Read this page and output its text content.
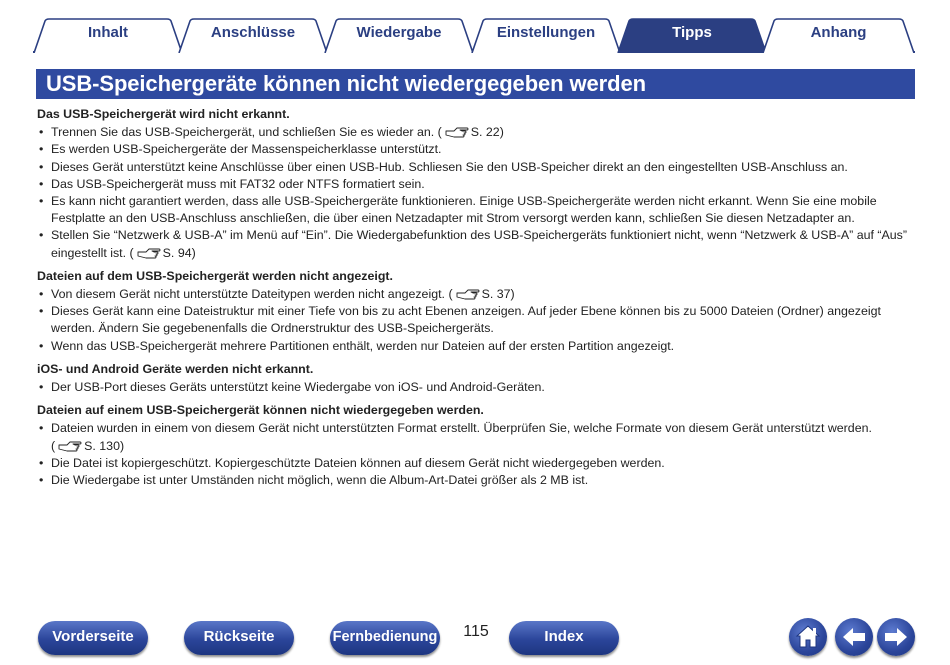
Inhalt	Anschlüsse	Wiedergabe	Einstellungen	Tipps	Anhang
USB-Speichergeräte können nicht wiedergegeben werden
Das USB-Speichergerät wird nicht erkannt.
• Trennen Sie das USB-Speichergerät, und schließen Sie es wieder an. ( S. 22)
• Es werden USB-Speichergeräte der Massenspeicherklasse unterstützt.
• Dieses Gerät unterstützt keine Anschlüsse über einen USB-Hub. Schliesen Sie den USB-Speicher direkt an den eingestellten USB-Anschluss an.
• Das USB-Speichergerät muss mit FAT32 oder NTFS formatiert sein.
• Es kann nicht garantiert werden, dass alle USB-Speichergeräte funktionieren. Einige USB-Speichergeräte werden nicht erkannt. Wenn Sie eine mobile Festplatte an den USB-Anschluss anschließen, die über einen Netzadapter mit Strom versorgt werden kann, schließen Sie diesen Netzadapter an.
• Stellen Sie “Netzwerk & USB-A” im Menü auf “Ein”. Die Wiedergabefunktion des USB-Speichergeräts funktioniert nicht, wenn “Netzwerk & USB-A” auf “Aus” eingestellt ist. ( S. 94)
Dateien auf dem USB-Speichergerät werden nicht angezeigt.
• Von diesem Gerät nicht unterstützte Dateitypen werden nicht angezeigt. ( S. 37)
• Dieses Gerät kann eine Dateistruktur mit einer Tiefe von bis zu acht Ebenen anzeigen. Auf jeder Ebene können bis zu 5000 Dateien (Ordner) angezeigt werden. Ändern Sie gegebenenfalls die Ordnerstruktur des USB-Speichergeräts.
• Wenn das USB-Speichergerät mehrere Partitionen enthält, werden nur Dateien auf der ersten Partition angezeigt.
iOS- und Android Geräte werden nicht erkannt.
• Der USB-Port dieses Geräts unterstützt keine Wiedergabe von iOS- und Android-Geräten.
Dateien auf einem USB-Speichergerät können nicht wiedergegeben werden.
• Dateien wurden in einem von diesem Gerät nicht unterstützten Format erstellt. Überprüfen Sie, welche Formate von diesem Gerät unterstützt werden. ( S. 130)
• Die Datei ist kopiergeschützt. Kopiergeschützte Dateien können auf diesem Gerät nicht wiedergegeben werden.
• Die Wiedergabe ist unter Umständen nicht möglich, wenn die Album-Art-Datei größer als 2 MB ist.
Vorderseite	Rückseite	Fernbedienung	115	Index
